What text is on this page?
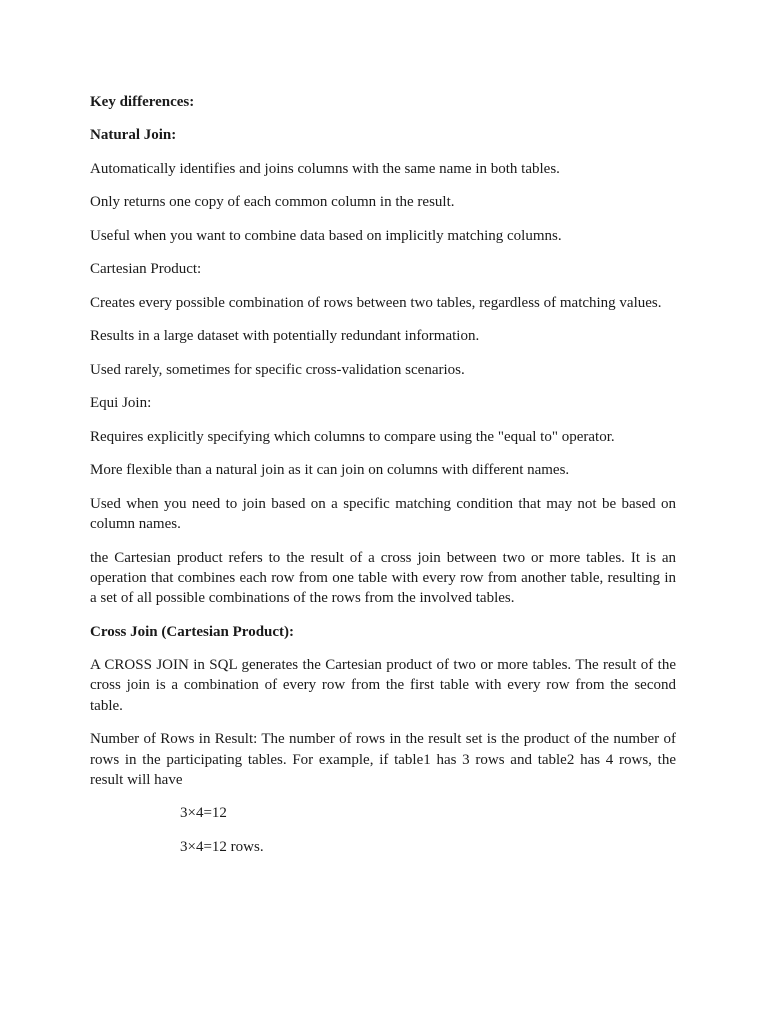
Key differences:

Natural Join:

Automatically identifies and joins columns with the same name in both tables.

Only returns one copy of each common column in the result.

Useful when you want to combine data based on implicitly matching columns.

Cartesian Product:

Creates every possible combination of rows between two tables, regardless of matching values.

Results in a large dataset with potentially redundant information.

Used rarely, sometimes for specific cross-validation scenarios.

Equi Join:

Requires explicitly specifying which columns to compare using the "equal to" operator.

More flexible than a natural join as it can join on columns with different names.

Used when you need to join based on a specific matching condition that may not be based on column names.

the Cartesian product refers to the result of a cross join between two or more tables. It is an operation that combines each row from one table with every row from another table, resulting in a set of all possible combinations of the rows from the involved tables.

Cross Join (Cartesian Product):

A CROSS JOIN in SQL generates the Cartesian product of two or more tables. The result of the cross join is a combination of every row from the first table with every row from the second table.

Number of Rows in Result: The number of rows in the result set is the product of the number of rows in the participating tables. For example, if table1 has 3 rows and table2 has 4 rows, the result will have

3×4=12

3×4=12 rows.
